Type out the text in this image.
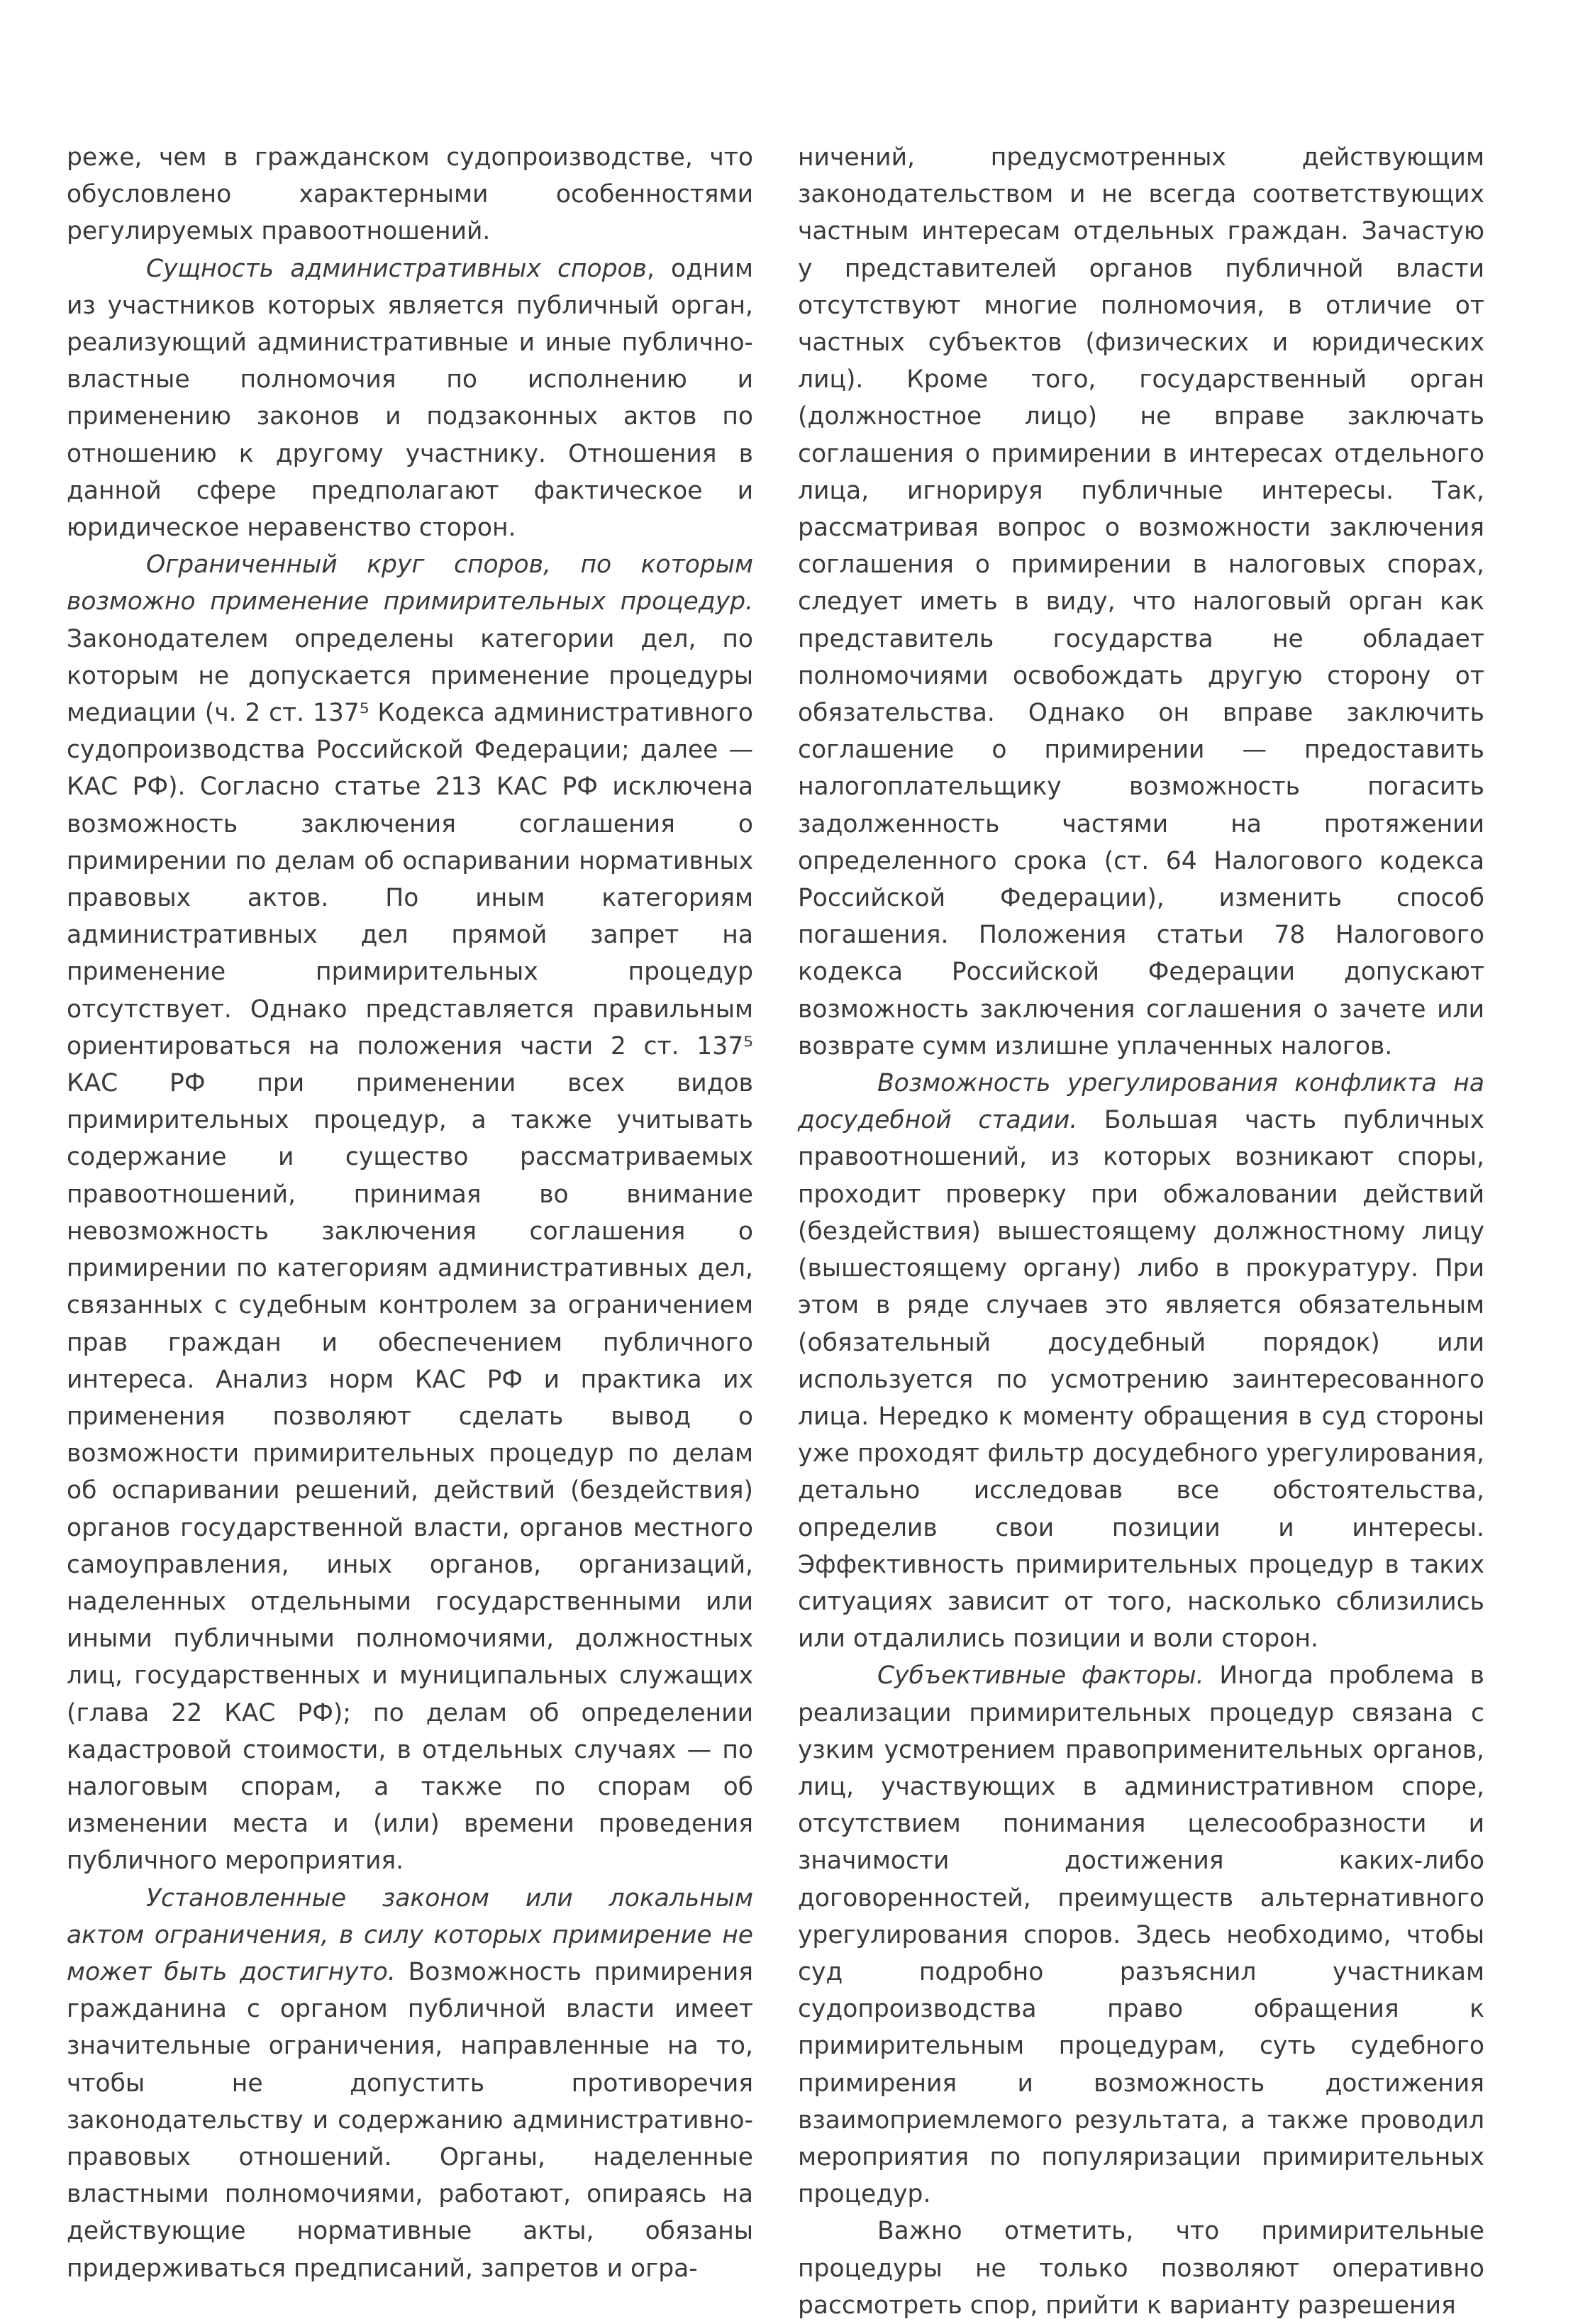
реже, чем в гражданском судопроизводстве, что обусловлено характерными особенностями регулируемых правоотношений.

Сущность административных споров, одним из участников которых является публичный орган, реализующий административные и иные публично-властные полномочия по исполнению и применению законов и подзаконных актов по отношению к другому участнику. Отношения в данной сфере предполагают фактическое и юридическое неравенство сторон.

Ограниченный круг споров, по которым возможно применение примирительных процедур. Законодателем определены категории дел, по которым не допускается применение процедуры медиации (ч. 2 ст. 137⁵ Кодекса административного судопроизводства Российской Федерации; далее — КАС РФ). Согласно статье 213 КАС РФ исключена возможность заключения соглашения о примирении по делам об оспаривании нормативных правовых актов. По иным категориям административных дел прямой запрет на применение примирительных процедур отсутствует. Однако представляется правильным ориентироваться на положения части 2 ст. 137⁵ КАС РФ при применении всех видов примирительных процедур, а также учитывать содержание и существо рассматриваемых правоотношений, принимая во внимание невозможность заключения соглашения о примирении по категориям административных дел, связанных с судебным контролем за ограничением прав граждан и обеспечением публичного интереса. Анализ норм КАС РФ и практика их применения позволяют сделать вывод о возможности примирительных процедур по делам об оспаривании решений, действий (бездействия) органов государственной власти, органов местного самоуправления, иных органов, организаций, наделенных отдельными государственными или иными публичными полномочиями, должностных лиц, государственных и муниципальных служащих (глава 22 КАС РФ); по делам об определении кадастровой стоимости, в отдельных случаях — по налоговым спорам, а также по спорам об изменении места и (или) времени проведения публичного мероприятия.

Установленные законом или локальным актом ограничения, в силу которых примирение не может быть достигнуто. Возможность примирения гражданина с органом публичной власти имеет значительные ограничения, направленные на то, чтобы не допустить противоречия законодательству и содержанию административно-правовых отношений. Органы, наделенные властными полномочиями, работают, опираясь на действующие нормативные акты, обязаны придерживаться предписаний, запретов и огра-

ничений, предусмотренных действующим законодательством и не всегда соответствующих частным интересам отдельных граждан. Зачастую у представителей органов публичной власти отсутствуют многие полномочия, в отличие от частных субъектов (физических и юридических лиц). Кроме того, государственный орган (должностное лицо) не вправе заключать соглашения о примирении в интересах отдельного лица, игнорируя публичные интересы. Так, рассматривая вопрос о возможности заключения соглашения о примирении в налоговых спорах, следует иметь в виду, что налоговый орган как представитель государства не обладает полномочиями освобождать другую сторону от обязательства. Однако он вправе заключить соглашение о примирении — предоставить налогоплательщику возможность погасить задолженность частями на протяжении определенного срока (ст. 64 Налогового кодекса Российской Федерации), изменить способ погашения. Положения статьи 78 Налогового кодекса Российской Федерации допускают возможность заключения соглашения о зачете или возврате сумм излишне уплаченных налогов.

Возможность урегулирования конфликта на досудебной стадии. Большая часть публичных правоотношений, из которых возникают споры, проходит проверку при обжаловании действий (бездействия) вышестоящему должностному лицу (вышестоящему органу) либо в прокуратуру. При этом в ряде случаев это является обязательным (обязательный досудебный порядок) или используется по усмотрению заинтересованного лица. Нередко к моменту обращения в суд стороны уже проходят фильтр досудебного урегулирования, детально исследовав все обстоятельства, определив свои позиции и интересы. Эффективность примирительных процедур в таких ситуациях зависит от того, насколько сблизились или отдалились позиции и воли сторон.

Субъективные факторы. Иногда проблема в реализации примирительных процедур связана с узким усмотрением правоприменительных органов, лиц, участвующих в административном споре, отсутствием понимания целесообразности и значимости достижения каких-либо договоренностей, преимуществ альтернативного урегулирования споров. Здесь необходимо, чтобы суд подробно разъяснил участникам судопроизводства право обращения к примирительным процедурам, суть судебного примирения и возможность достижения взаимоприемлемого результата, а также проводил мероприятия по популяризации примирительных процедур.

Важно отметить, что примирительные процедуры не только позволяют оперативно рассмотреть спор, прийти к варианту разрешения
